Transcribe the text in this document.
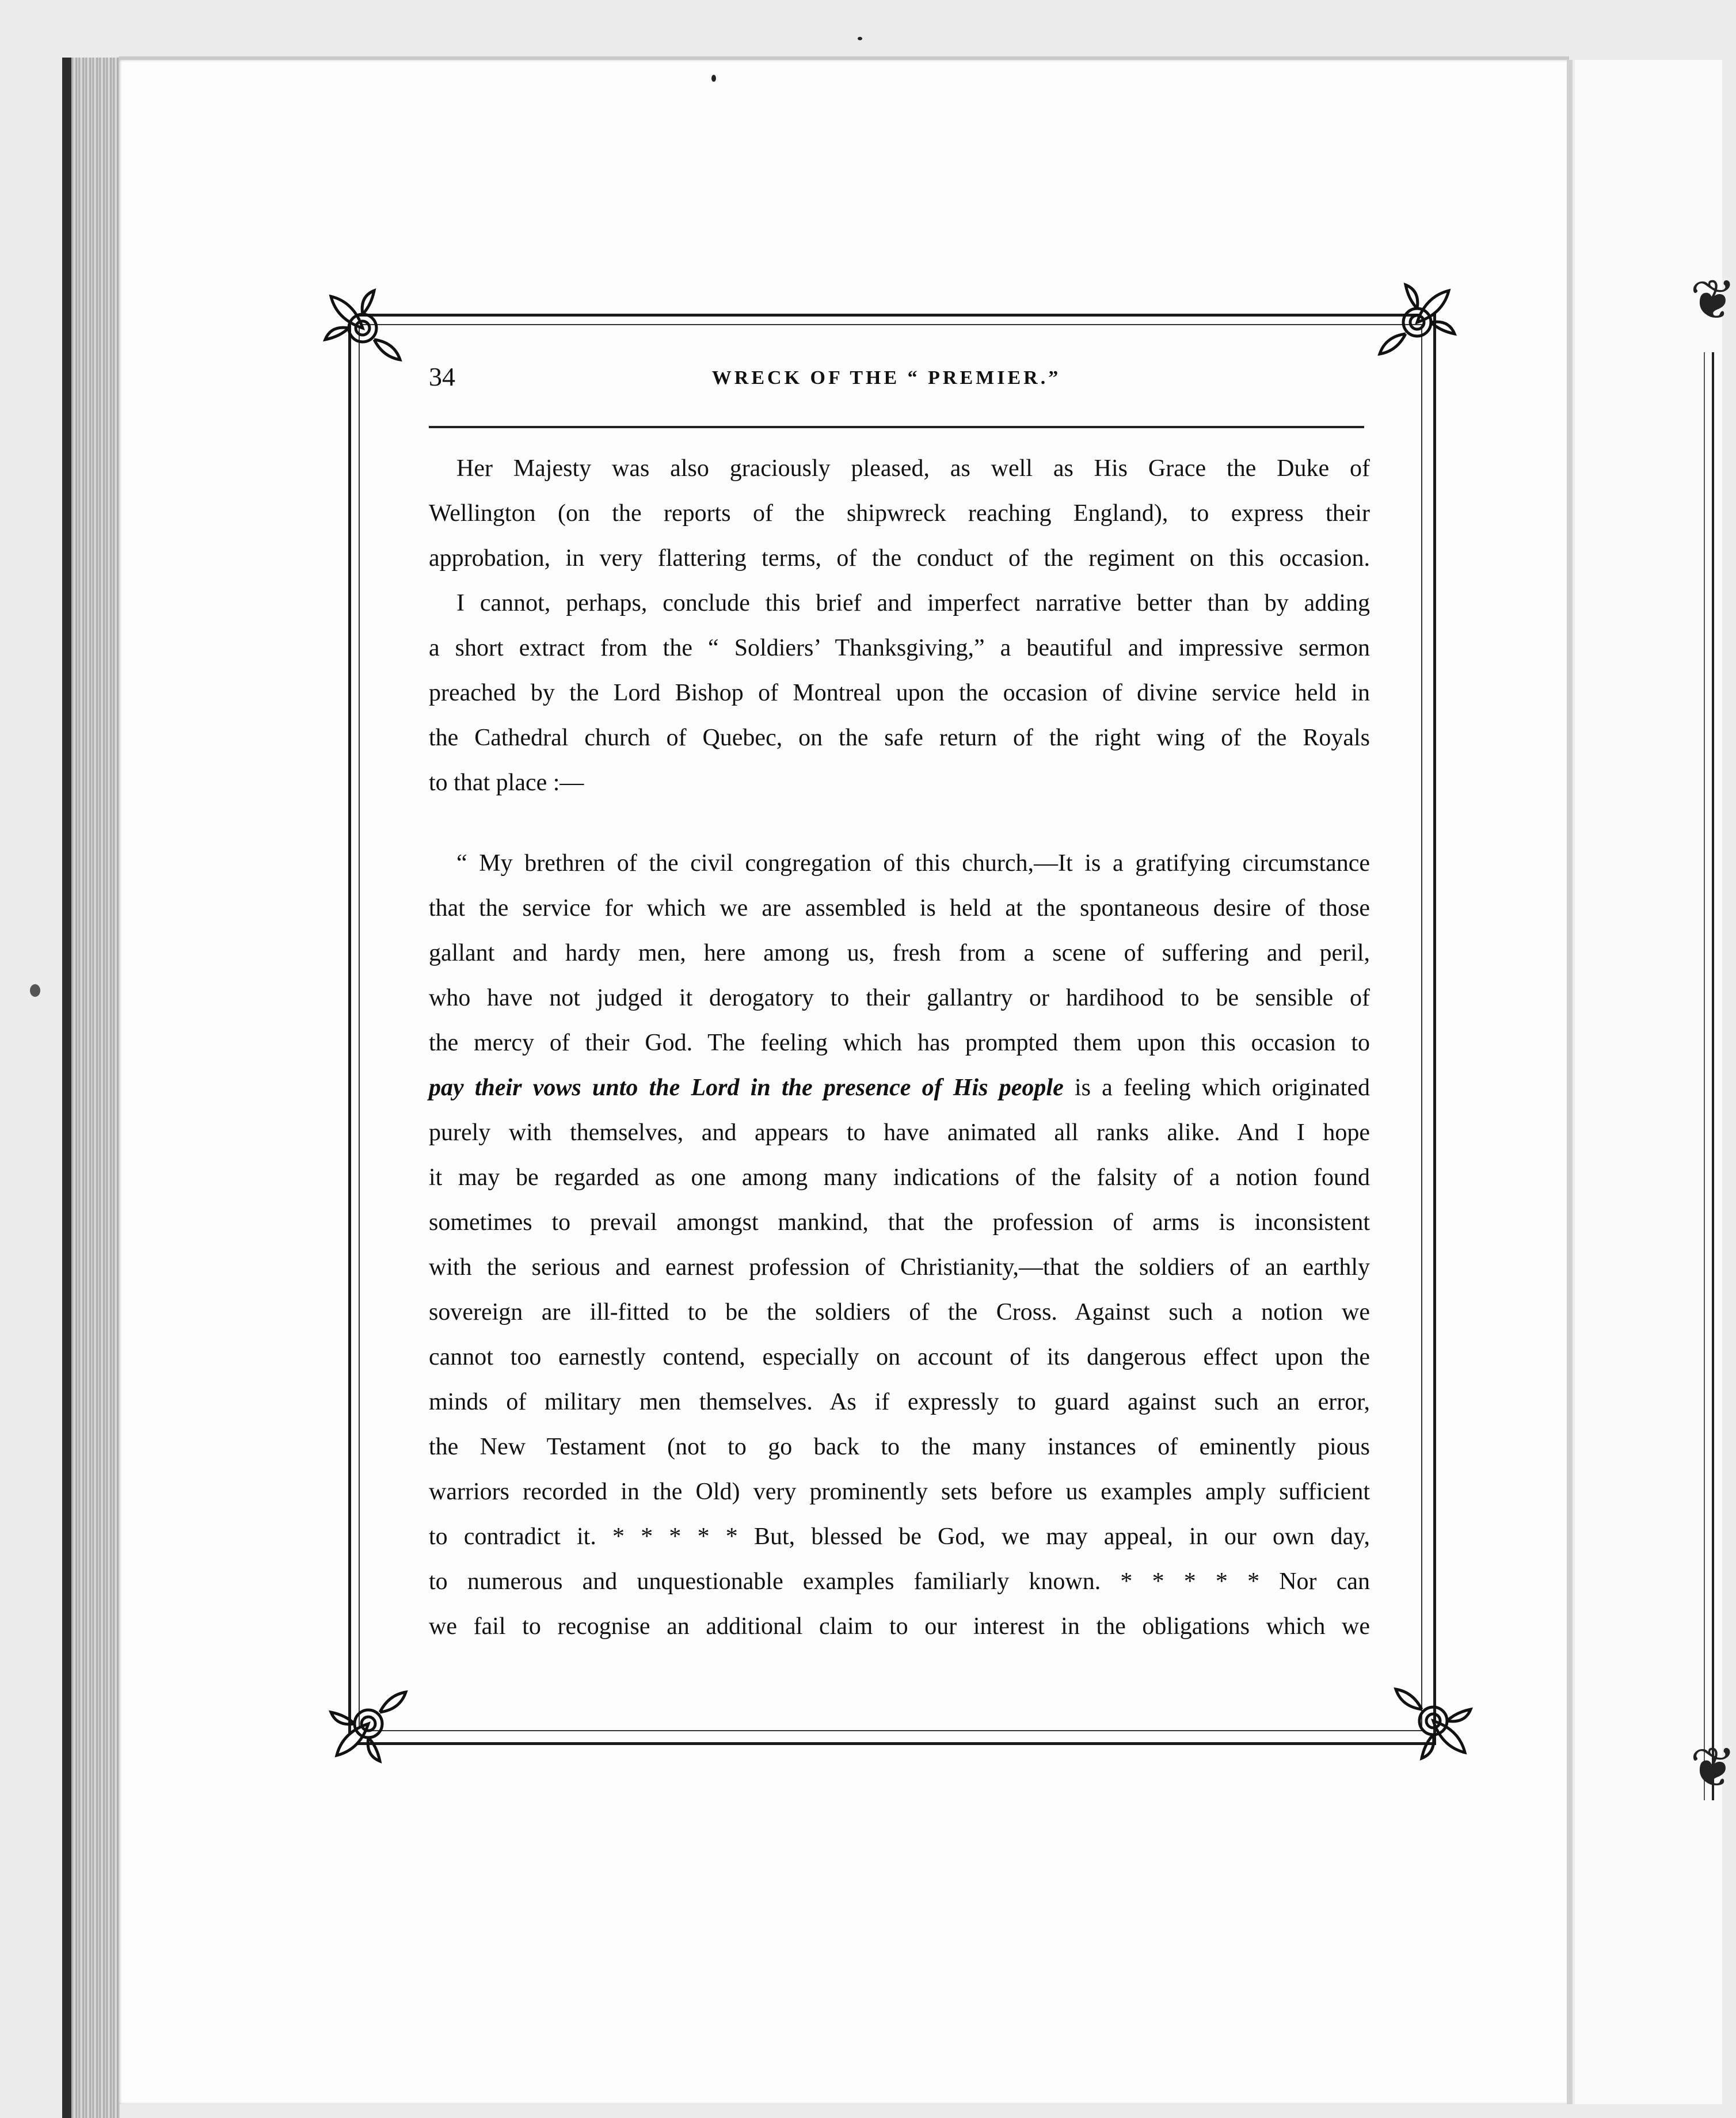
❦
❦
34	WRECK OF THE “ PREMIER.”

Her Majesty was also graciously pleased, as well as His Grace the Duke of
Wellington (on the reports of the shipwreck reaching England), to express their
approbation, in very flattering terms, of the conduct of the regiment on this occasion.

I cannot, perhaps, conclude this brief and imperfect narrative better than by adding
a short extract from the “ Soldiers’ Thanksgiving,” a beautiful and impressive sermon
preached by the Lord Bishop of Montreal upon the occasion of divine service held in
the Cathedral church of Quebec, on the safe return of the right wing of the Royals
to that place :—

“ My brethren of the civil congregation of this church,—It is a gratifying circumstance
that the service for which we are assembled is held at the spontaneous desire of those
gallant and hardy men, here among us, fresh from a scene of suffering and peril,
who have not judged it derogatory to their gallantry or hardihood to be sensible of
the mercy of their God. The feeling which has prompted them upon this occasion to
pay their vows unto the Lord in the presence of His people is a feeling which originated
purely with themselves, and appears to have animated all ranks alike. And I hope
it may be regarded as one among many indications of the falsity of a notion found
sometimes to prevail amongst mankind, that the profession of arms is inconsistent
with the serious and earnest profession of Christianity,—that the soldiers of an earthly
sovereign are ill-fitted to be the soldiers of the Cross. Against such a notion we
cannot too earnestly contend, especially on account of its dangerous effect upon the
minds of military men themselves. As if expressly to guard against such an error,
the New Testament (not to go back to the many instances of eminently pious
warriors recorded in the Old) very prominently sets before us examples amply sufficient
to contradict it. * * * * * But, blessed be God, we may appeal, in our own day,
to numerous and unquestionable examples familiarly known. * * * * * Nor can
we fail to recognise an additional claim to our interest in the obligations which we
